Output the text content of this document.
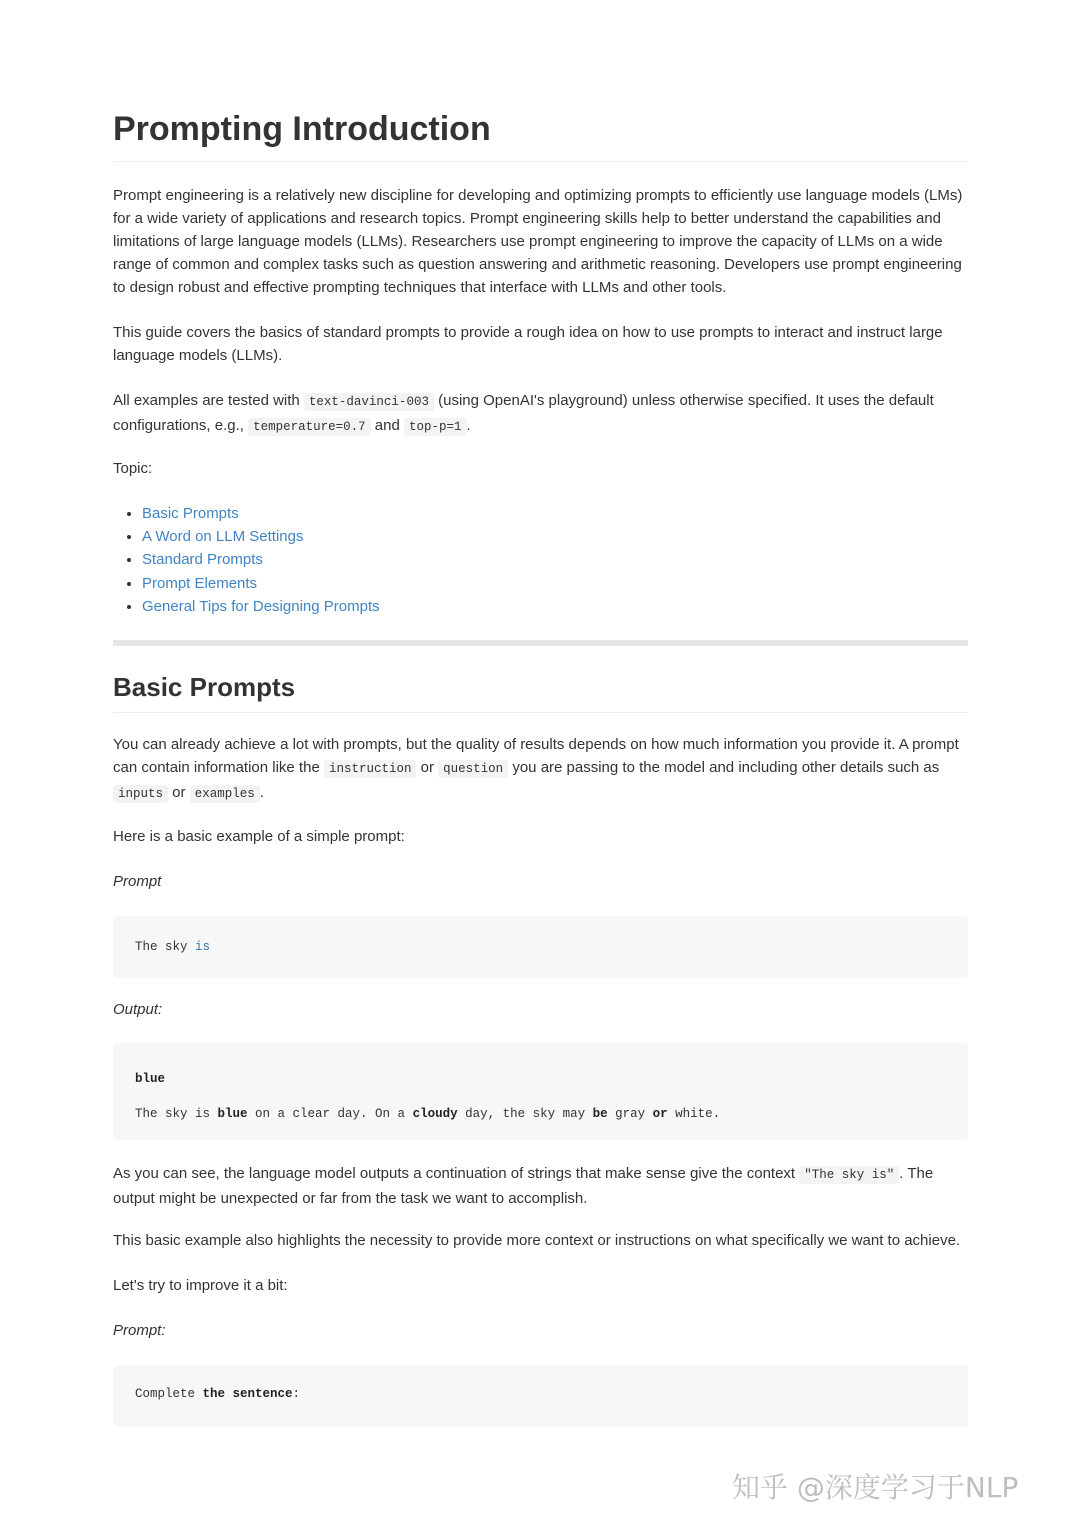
Prompting Introduction

Prompt engineering is a relatively new discipline for developing and optimizing prompts to efficiently use language models (LMs) for a wide variety of applications and research topics. Prompt engineering skills help to better understand the capabilities and limitations of large language models (LLMs). Researchers use prompt engineering to improve the capacity of LLMs on a wide range of common and complex tasks such as question answering and arithmetic reasoning. Developers use prompt engineering to design robust and effective prompting techniques that interface with LLMs and other tools.

This guide covers the basics of standard prompts to provide a rough idea on how to use prompts to interact and instruct large language models (LLMs).

All examples are tested with text-davinci-003 (using OpenAI's playground) unless otherwise specified. It uses the default configurations, e.g., temperature=0.7 and top-p=1 .

Topic:

• Basic Prompts
• A Word on LLM Settings
• Standard Prompts
• Prompt Elements
• General Tips for Designing Prompts
Basic Prompts

You can already achieve a lot with prompts, but the quality of results depends on how much information you provide it. A prompt can contain information like the instruction or question you are passing to the model and including other details such as inputs or examples .

Here is a basic example of a simple prompt:

Prompt

The sky is

Output:

blue
The sky is blue on a clear day. On a cloudy day, the sky may be gray or white.

As you can see, the language model outputs a continuation of strings that make sense give the context "The sky is" . The output might be unexpected or far from the task we want to accomplish.

This basic example also highlights the necessity to provide more context or instructions on what specifically we want to achieve.

Let's try to improve it a bit:

Prompt:

Complete the sentence:
知乎 @深度学习于NLP
